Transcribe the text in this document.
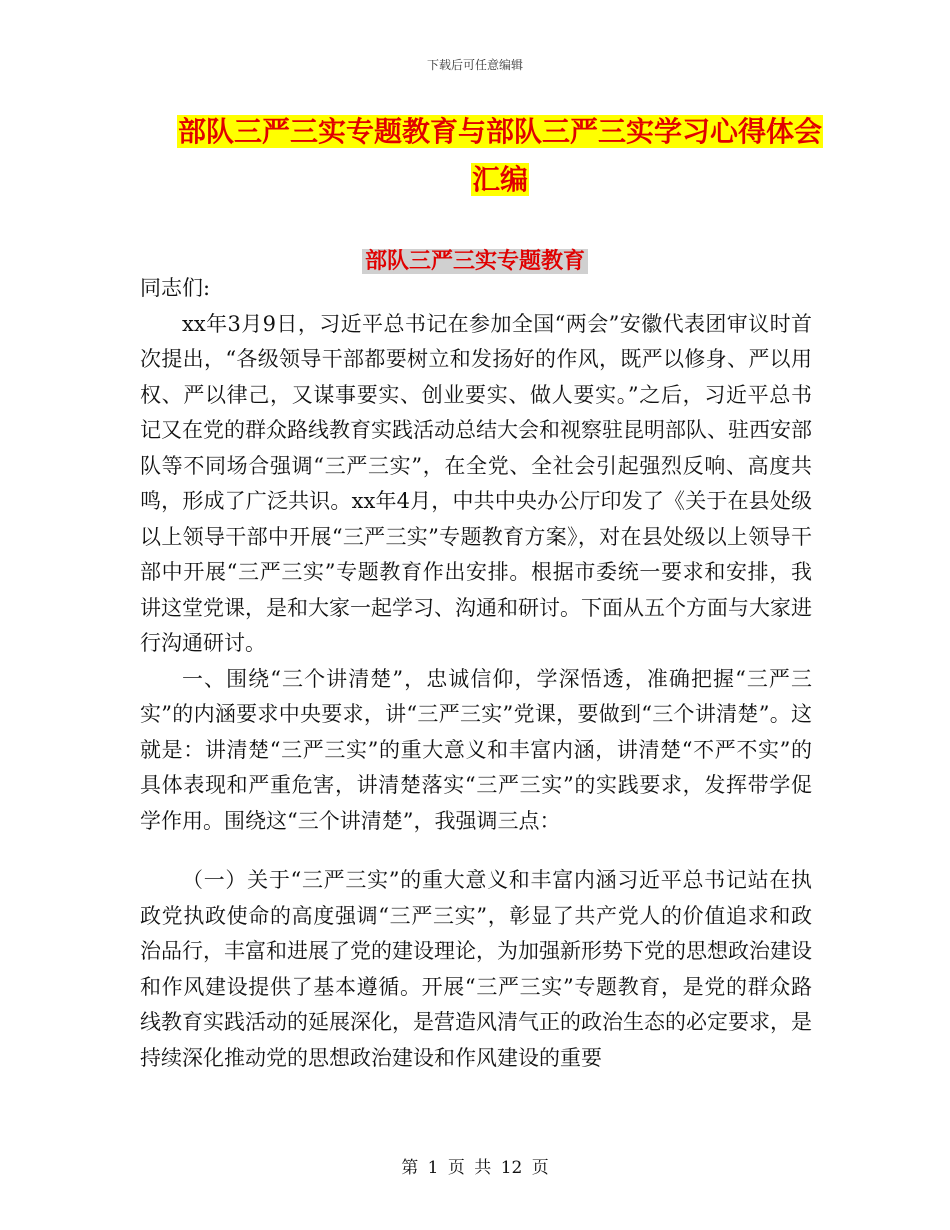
下载后可任意编辑
部队三严三实专题教育与部队三严三实学习心得体会
汇编
部队三严三实专题教育

同志们:

xx年3月9日，习近平总书记在参加全国“两会”安徽代表团审议时首次提出，“各级领导干部都要树立和发扬好的作风，既严以修身、严以用权、严以律己，又谋事要实、创业要实、做人要实。”之后，习近平总书记又在党的群众路线教育实践活动总结大会和视察驻昆明部队、驻西安部队等不同场合强调“三严三实”，在全党、全社会引起强烈反响、高度共鸣，形成了广泛共识。xx年4月，中共中央办公厅印发了《关于在县处级以上领导干部中开展“三严三实”专题教育方案》，对在县处级以上领导干部中开展“三严三实”专题教育作出安排。根据市委统一要求和安排，我讲这堂党课，是和大家一起学习、沟通和研讨。下面从五个方面与大家进行沟通研讨。

一、围绕“三个讲清楚”，忠诚信仰，学深悟透，准确把握“三严三实”的内涵要求中央要求，讲“三严三实”党课，要做到“三个讲清楚”。这就是：讲清楚“三严三实”的重大意义和丰富内涵，讲清楚“不严不实”的具体表现和严重危害，讲清楚落实“三严三实”的实践要求，发挥带学促学作用。围绕这“三个讲清楚”，我强调三点：

（一）关于“三严三实”的重大意义和丰富内涵习近平总书记站在执政党执政使命的高度强调“三严三实”，彰显了共产党人的价值追求和政治品行，丰富和进展了党的建设理论，为加强新形势下党的思想政治建设和作风建设提供了基本遵循。开展“三严三实”专题教育，是党的群众路线教育实践活动的延展深化，是营造风清气正的政治生态的必定要求，是持续深化推动党的思想政治建设和作风建设的重要

第 1 页 共 12 页
